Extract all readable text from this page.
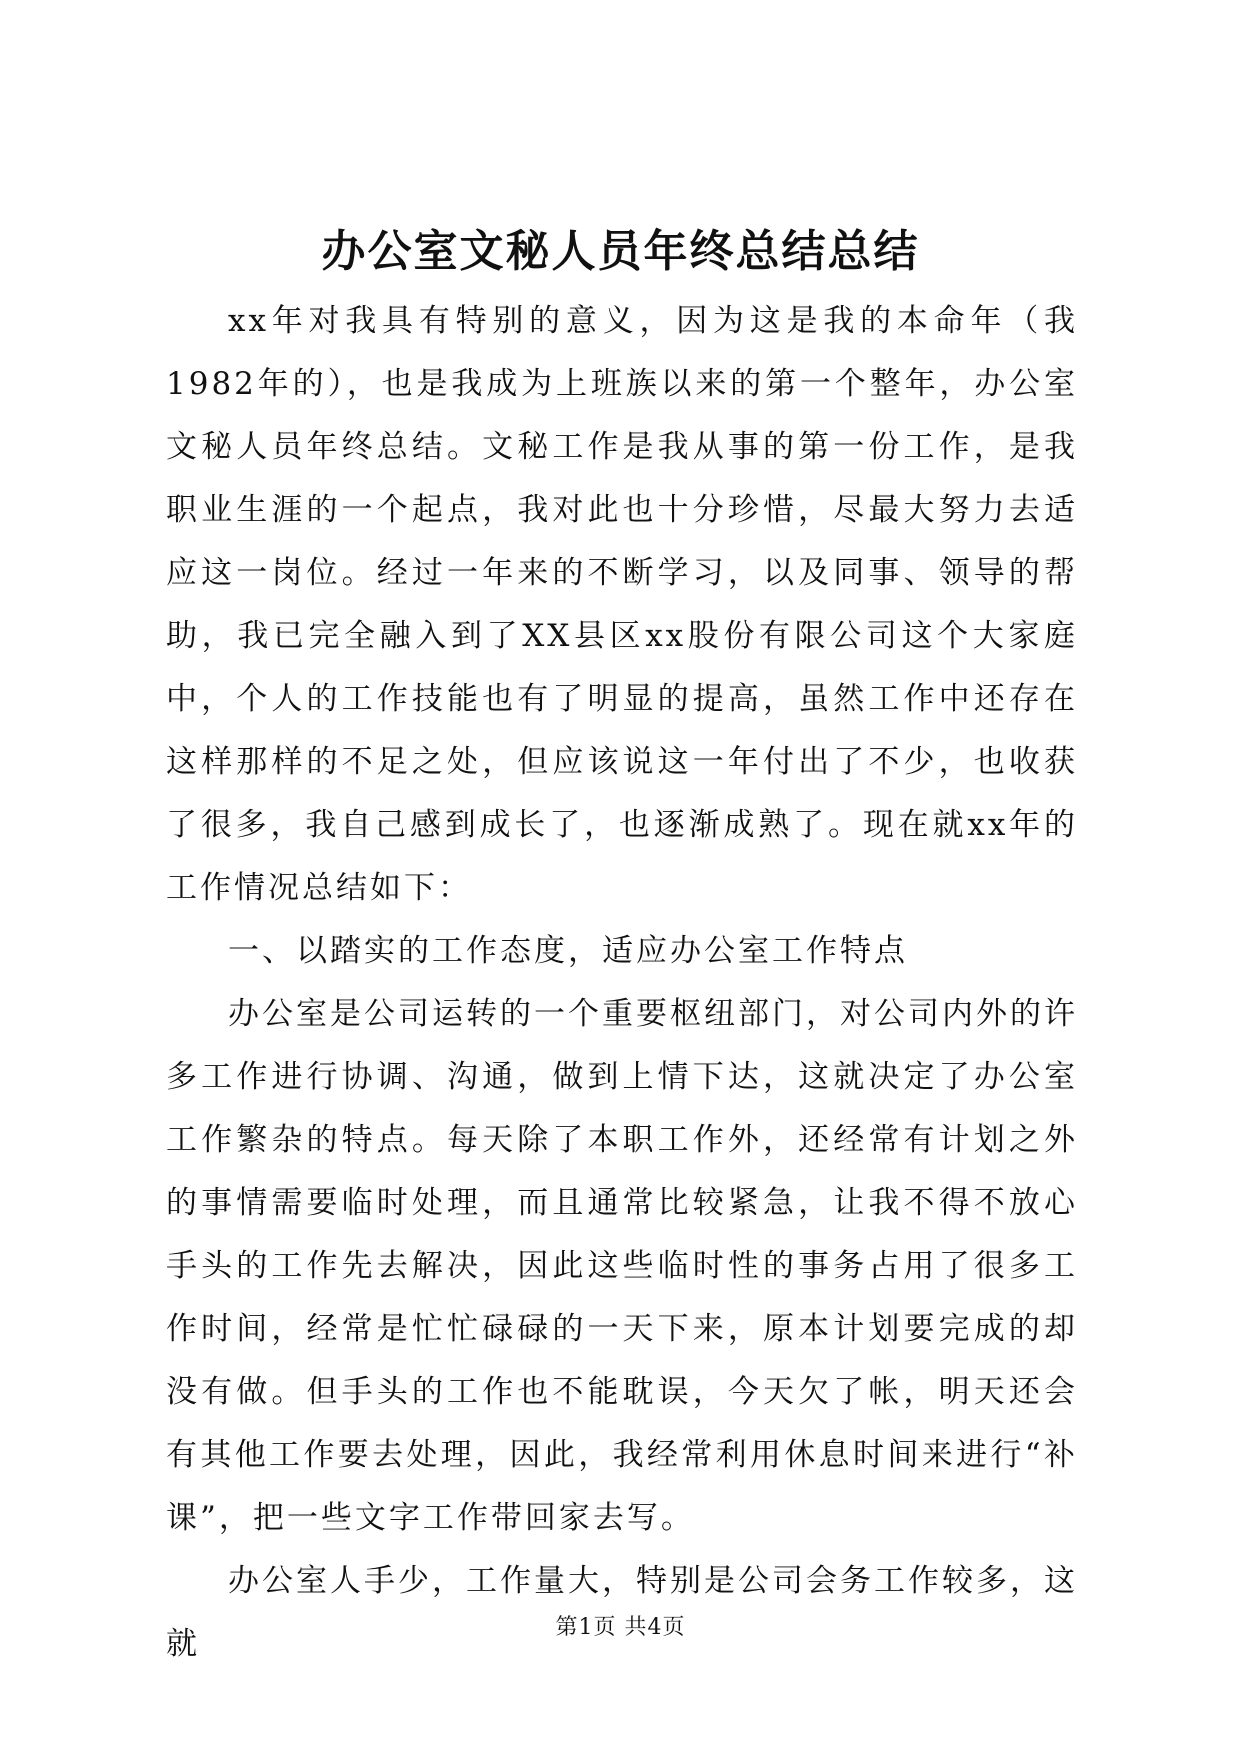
办公室文秘人员年终总结总结

xx年对我具有特别的意义，因为这是我的本命年（我1982年的），也是我成为上班族以来的第一个整年，办公室文秘人员年终总结。文秘工作是我从事的第一份工作，是我职业生涯的一个起点，我对此也十分珍惜，尽最大努力去适应这一岗位。经过一年来的不断学习，以及同事、领导的帮助，我已完全融入到了XX县区xx股份有限公司这个大家庭中，个人的工作技能也有了明显的提高，虽然工作中还存在这样那样的不足之处，但应该说这一年付出了不少，也收获了很多，我自己感到成长了，也逐渐成熟了。现在就xx年的工作情况总结如下：

一、以踏实的工作态度，适应办公室工作特点

办公室是公司运转的一个重要枢纽部门，对公司内外的许多工作进行协调、沟通，做到上情下达，这就决定了办公室工作繁杂的特点。每天除了本职工作外，还经常有计划之外的事情需要临时处理，而且通常比较紧急，让我不得不放心手头的工作先去解决，因此这些临时性的事务占用了很多工作时间，经常是忙忙碌碌的一天下来，原本计划要完成的却没有做。但手头的工作也不能耽误，今天欠了帐，明天还会有其他工作要去处理，因此，我经常利用休息时间来进行“补课”，把一些文字工作带回家去写。

办公室人手少，工作量大，特别是公司会务工作较多，这就	第1页 共4页
